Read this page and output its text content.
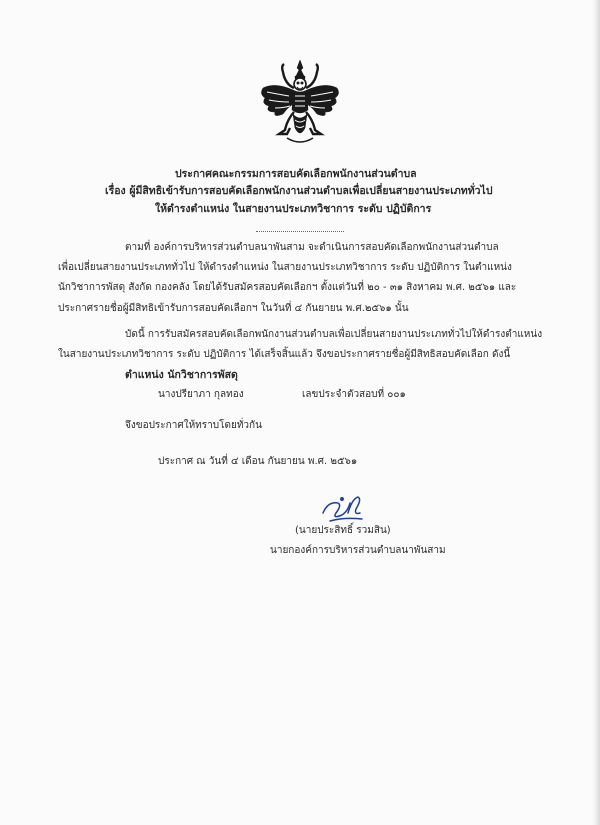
ประกาศคณะกรรมการสอบคัดเลือกพนักงานส่วนตำบล
เรื่อง ผู้มีสิทธิเข้ารับการสอบคัดเลือกพนักงานส่วนตำบลเพื่อเปลี่ยนสายงานประเภททั่วไป
ให้ดำรงตำแหน่ง ในสายงานประเภทวิชาการ ระดับ ปฏิบัติการ
ตามที่ องค์การบริหารส่วนตำบลนาพันสาม จะดำเนินการสอบคัดเลือกพนักงานส่วนตำบล
เพื่อเปลี่ยนสายงานประเภททั่วไป ให้ดำรงตำแหน่ง ในสายงานประเภทวิชาการ ระดับ ปฏิบัติการ ในตำแหน่ง
นักวิชาการพัสดุ สังกัด กองคลัง โดยได้รับสมัครสอบคัดเลือกฯ ตั้งแต่วันที่ ๒๐ - ๓๑ สิงหาคม พ.ศ. ๒๕๖๑ และ
ประกาศรายชื่อผู้มีสิทธิเข้ารับการสอบคัดเลือกฯ ในวันที่ ๔ กันยายน พ.ศ.๒๕๖๑ นั้น
บัดนี้ การรับสมัครสอบคัดเลือกพนักงานส่วนตำบลเพื่อเปลี่ยนสายงานประเภททั่วไปให้ดำรงตำแหน่ง
ในสายงานประเภทวิชาการ ระดับ ปฏิบัติการ ได้เสร็จสิ้นแล้ว จึงขอประกาศรายชื่อผู้มีสิทธิสอบคัดเลือก ดังนี้
ตำแหน่ง นักวิชาการพัสดุ
นางปรียาภา กุลทอง	เลขประจำตัวสอบที่ ๐๐๑
จึงขอประกาศให้ทราบโดยทั่วกัน
ประกาศ ณ วันที่ ๔ เดือน กันยายน พ.ศ. ๒๕๖๑
(นายประสิทธิ์ รวมสิน)
นายกองค์การบริหารส่วนตำบลนาพันสาม
